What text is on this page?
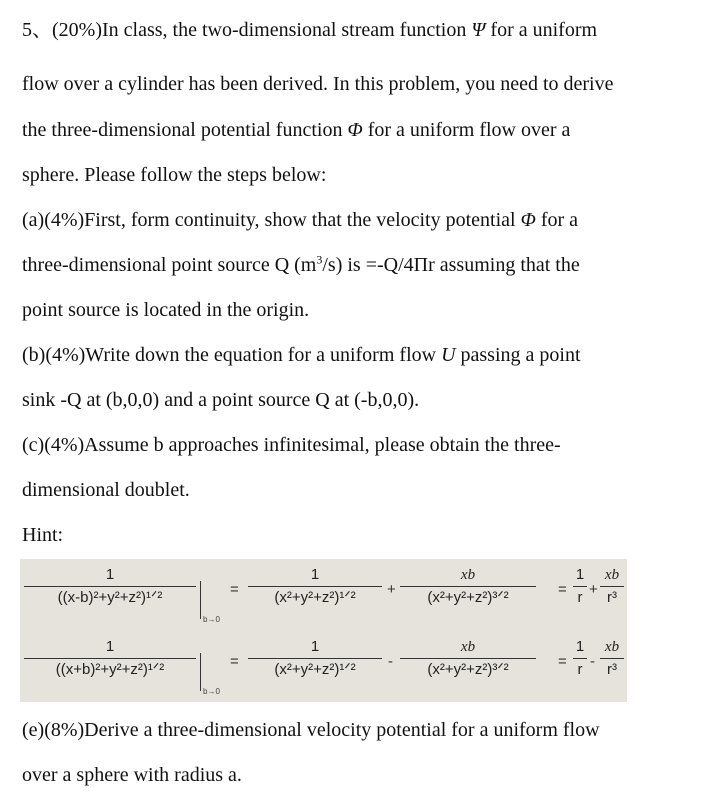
5、(20%)In class, the two-dimensional stream function Ψ for a uniform
flow over a cylinder has been derived. In this problem, you need to derive
the three-dimensional potential function Φ for a uniform flow over a
sphere. Please follow the steps below:
(a)(4%)First, form continuity, show that the velocity potential Φ for a
three-dimensional point source Q $(m^3/s)$ is =-Q/4Πr assuming that the
point source is located in the origin.
(b)(4%)Write down the equation for a uniform flow U passing a point
sink -Q at (b,0,0) and a point source Q at (-b,0,0).
(c)(4%)Assume b approaches infinitesimal, please obtain the three-
dimensional doublet.
Hint:
1
((x-b)²+y²+z²)¹ᐟ²
b→0
=
1
(x²+y²+z²)¹ᐟ²	+
xb
(x²+y²+z²)³ᐟ²	=
1
r +
xb
r³
1
((x+b)²+y²+z²)¹ᐟ²
b→0
=
1
(x²+y²+z²)¹ᐟ²	-
xb
(x²+y²+z²)³ᐟ²	=
1
r -
xb
r³
(e)(8%)Derive a three-dimensional velocity potential for a uniform flow
over a sphere with radius a.
